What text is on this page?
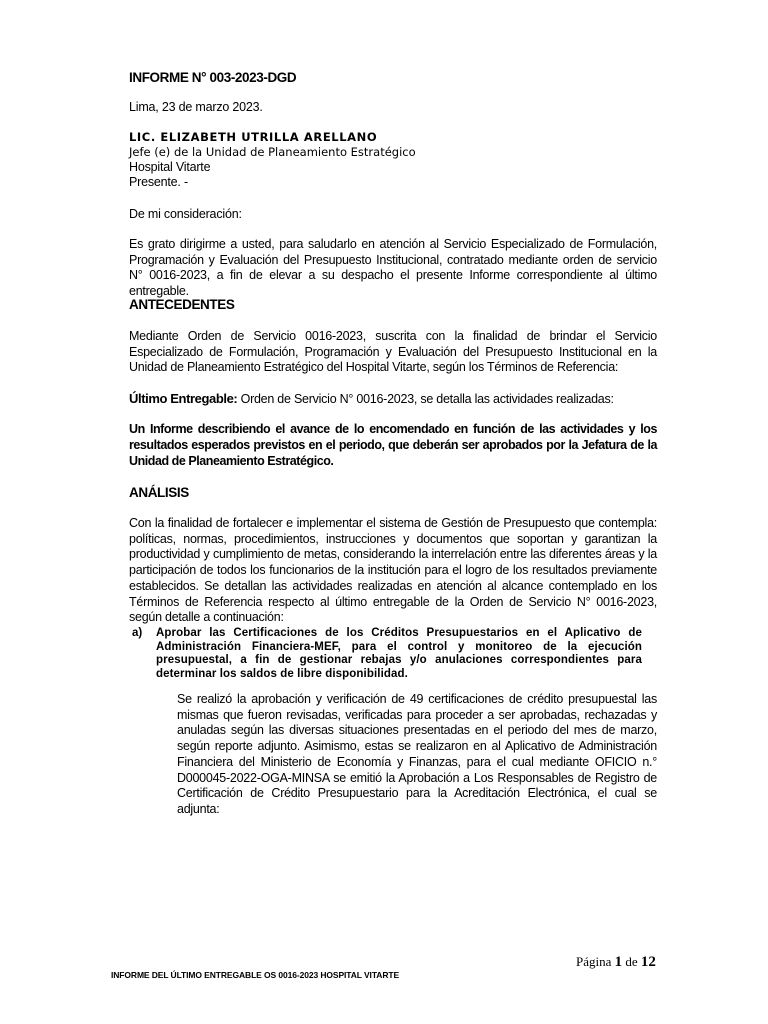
INFORME N° 003-2023-DGD
Lima, 23 de marzo 2023.
LIC. ELIZABETH UTRILLA ARELLANO
Jefe (e) de la Unidad de Planeamiento Estratégico
Hospital Vitarte
Presente. -
De mi consideración:
Es grato dirigirme a usted, para saludarlo en atención al Servicio Especializado de Formulación, Programación y Evaluación del Presupuesto Institucional, contratado mediante orden de servicio N° 0016-2023, a fin de elevar a su despacho el presente Informe correspondiente al último entregable.
ANTECEDENTES
Mediante Orden de Servicio 0016-2023, suscrita con la finalidad de brindar el Servicio Especializado de Formulación, Programación y Evaluación del Presupuesto Institucional en la Unidad de Planeamiento Estratégico del Hospital Vitarte, según los Términos de Referencia:
Último Entregable: Orden de Servicio N° 0016-2023, se detalla las actividades realizadas:
Un Informe describiendo el avance de lo encomendado en función de las actividades y los resultados esperados previstos en el periodo, que deberán ser aprobados por la Jefatura de la Unidad de Planeamiento Estratégico.
ANÁLISIS
Con la finalidad de fortalecer e implementar el sistema de Gestión de Presupuesto que contempla: políticas, normas, procedimientos, instrucciones y documentos que soportan y garantizan la productividad y cumplimiento de metas, considerando la interrelación entre las diferentes áreas y la participación de todos los funcionarios de la institución para el logro de los resultados previamente establecidos. Se detallan las actividades realizadas en atención al alcance contemplado en los Términos de Referencia respecto al último entregable de la Orden de Servicio N° 0016-2023, según detalle a continuación:
a) Aprobar las Certificaciones de los Créditos Presupuestarios en el Aplicativo de Administración Financiera-MEF, para el control y monitoreo de la ejecución presupuestal, a fin de gestionar rebajas y/o anulaciones correspondientes para determinar los saldos de libre disponibilidad.
Se realizó la aprobación y verificación de 49 certificaciones de crédito presupuestal las mismas que fueron revisadas, verificadas para proceder a ser aprobadas, rechazadas y anuladas según las diversas situaciones presentadas en el periodo del mes de marzo, según reporte adjunto. Asimismo, estas se realizaron en al Aplicativo de Administración Financiera del Ministerio de Economía y Finanzas, para el cual mediante OFICIO n.° D000045-2022-OGA-MINSA se emitió la Aprobación a Los Responsables de Registro de Certificación de Crédito Presupuestario para la Acreditación Electrónica, el cual se adjunta:
Página 1 de 12
INFORME DEL ÚLTIMO ENTREGABLE OS 0016-2023 HOSPITAL VITARTE
